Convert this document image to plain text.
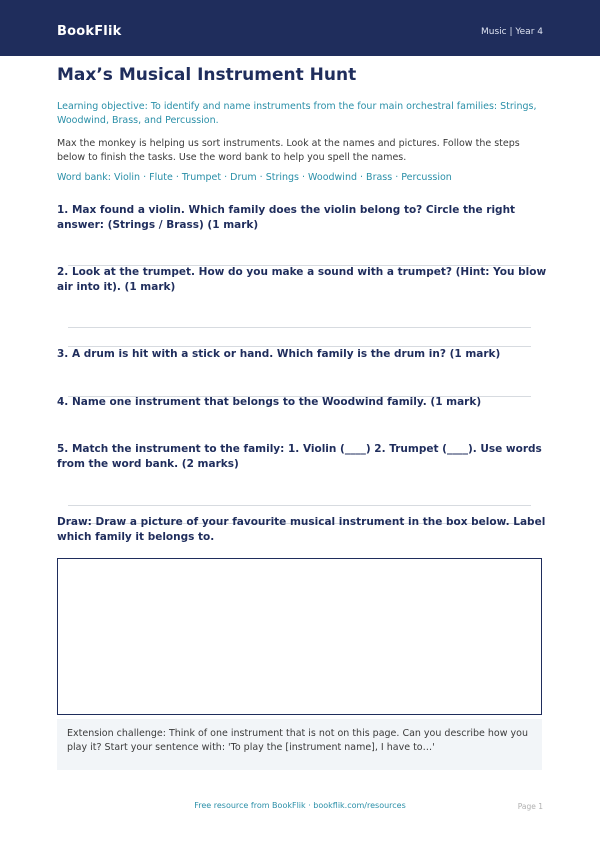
BookFlik	Music | Year 4
Max’s Musical Instrument Hunt
Learning objective: To identify and name instruments from the four main orchestral families: Strings, Woodwind, Brass, and Percussion.
Max the monkey is helping us sort instruments. Look at the names and pictures. Follow the steps below to finish the tasks. Use the word bank to help you spell the names.
Word bank: Violin · Flute · Trumpet · Drum · Strings · Woodwind · Brass · Percussion
1. Max found a violin. Which family does the violin belong to? Circle the right answer: (Strings / Brass) (1 mark)
2. Look at the trumpet. How do you make a sound with a trumpet? (Hint: You blow air into it). (1 mark)
3. A drum is hit with a stick or hand. Which family is the drum in? (1 mark)
4. Name one instrument that belongs to the Woodwind family. (1 mark)
5. Match the instrument to the family: 1. Violin (____) 2. Trumpet (____). Use words from the word bank. (2 marks)
Draw: Draw a picture of your favourite musical instrument in the box below. Label which family it belongs to.
Extension challenge: Think of one instrument that is not on this page. Can you describe how you play it? Start your sentence with: 'To play the [instrument name], I have to…'
Free resource from BookFlik · bookflik.com/resources	Page 1
